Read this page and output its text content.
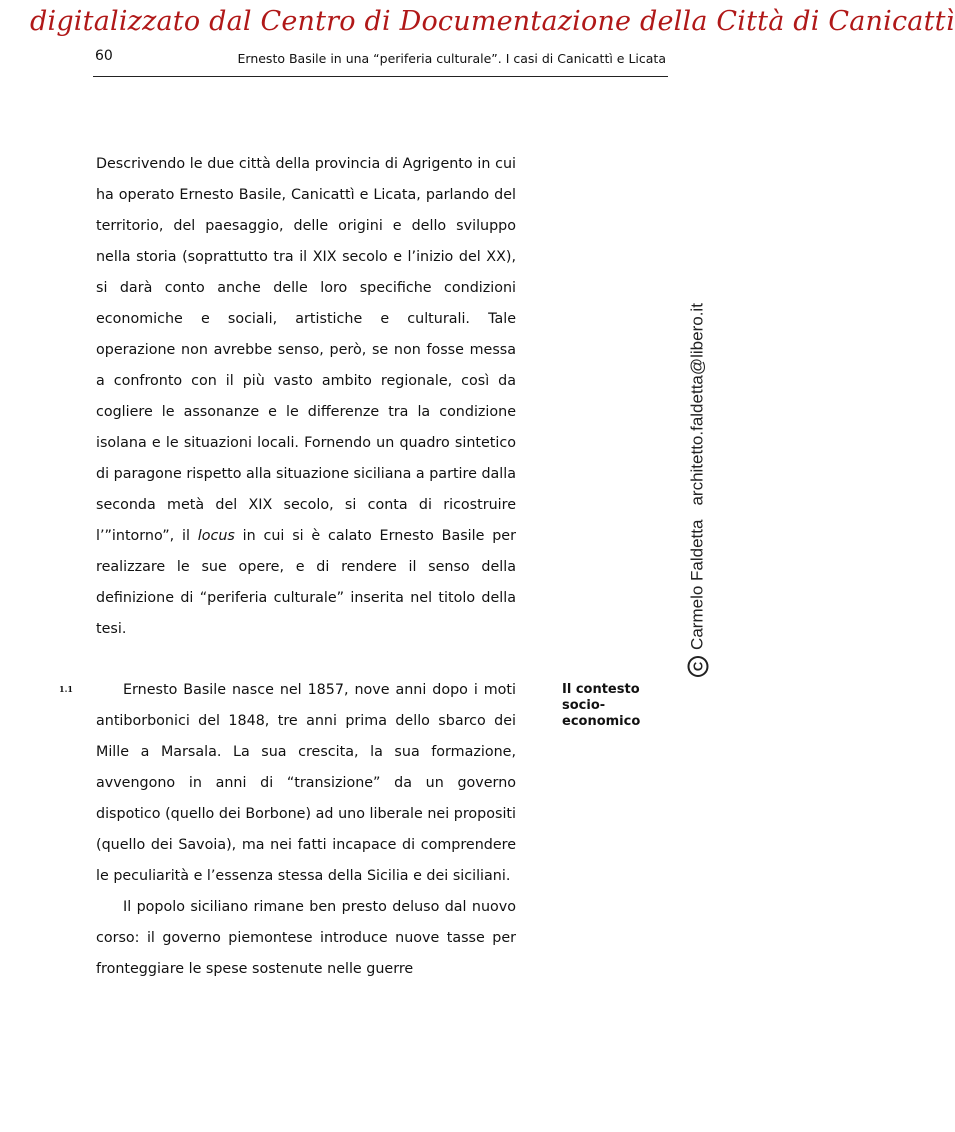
digitalizzato dal Centro di Documentazione della Città di Canicattì
60	Ernesto Basile in una “periferia culturale”. I casi di Canicattì e Licata

Descrivendo le due città della provincia di Agrigento in cui ha operato Ernesto Basile, Canicattì e Licata, parlando del territorio, del paesaggio, delle origini e dello sviluppo nella storia (soprattutto tra il XIX secolo e l’inizio del XX), si darà conto anche delle loro specifiche condizioni economiche e sociali, artistiche e culturali. Tale operazione non avrebbe senso, però, se non fosse messa a confronto con il più vasto ambito regionale, così da cogliere le assonanze e le differenze tra la condizione isolana e le situazioni locali. Fornendo un quadro sintetico di paragone rispetto alla situazione siciliana a partire dalla seconda metà del XIX secolo, si conta di ricostruire l’”intorno”, il locus in cui si è calato Ernesto Basile per realizzare le sue opere, e di rendere il senso della definizione di “periferia culturale” inserita nel titolo della tesi.

1.1	Il contesto socio-economico

Ernesto Basile nasce nel 1857, nove anni dopo i moti antiborbonici del 1848, tre anni prima dello sbarco dei Mille a Marsala. La sua crescita, la sua formazione, avvengono in anni di “transizione” da un governo dispotico (quello dei Borbone) ad uno liberale nei propositi (quello dei Savoia), ma nei fatti incapace di comprendere le peculiarità e l’essenza stessa della Sicilia e dei siciliani.

Il popolo siciliano rimane ben presto deluso dal nuovo corso: il governo piemontese introduce nuove tasse per fronteggiare le spese sostenute nelle guerre

CCarmelo Faldettaarchitetto.faldetta@libero.it
